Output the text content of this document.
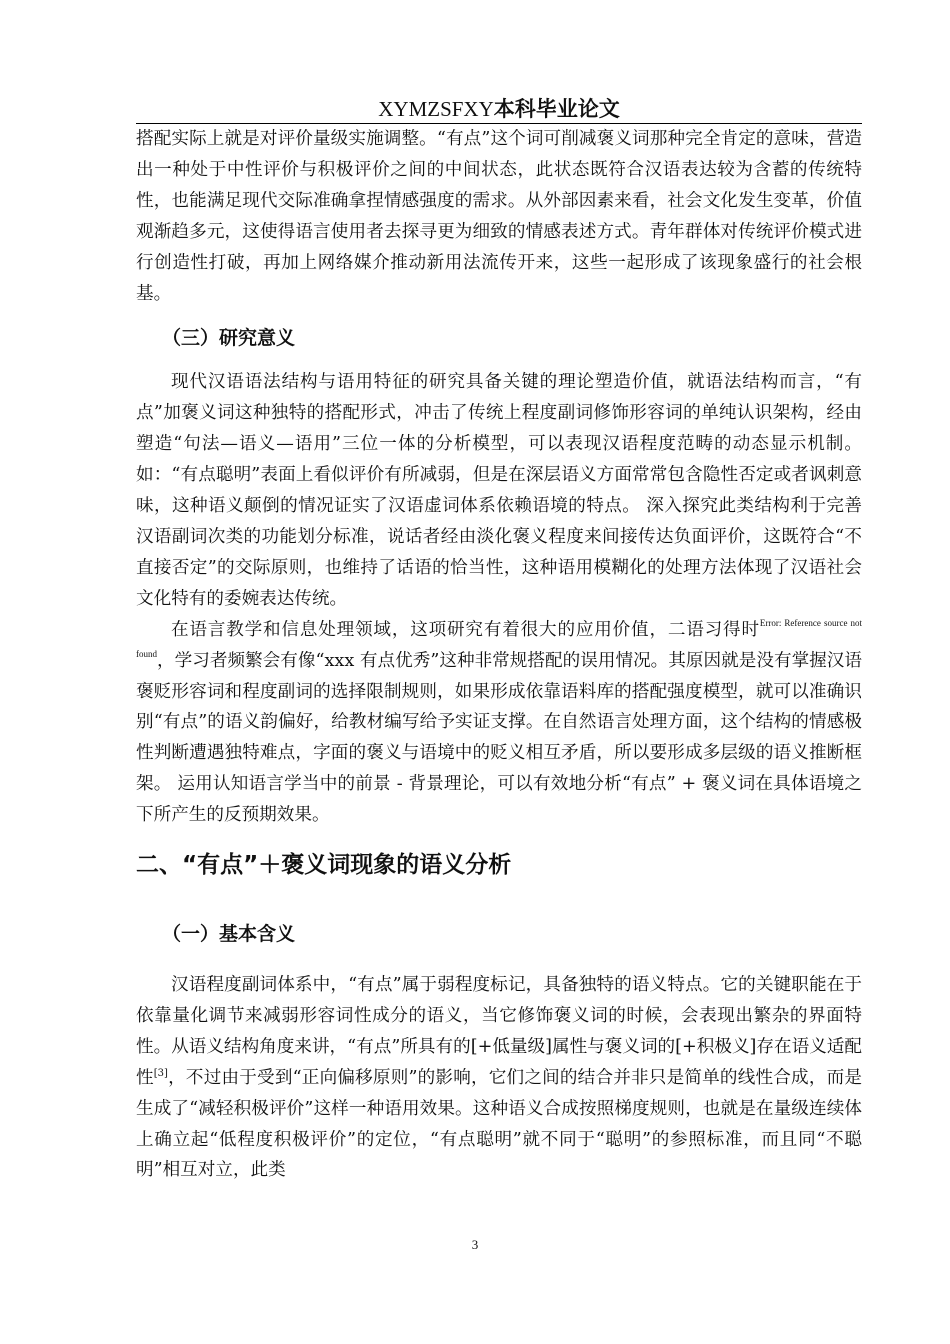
XYMZSFXY本科毕业论文

搭配实际上就是对评价量级实施调整。“有点”这个词可削减褒义词那种完全肯定的意味，营造出一种处于中性评价与积极评价之间的中间状态，此状态既符合汉语表达较为含蓄的传统特性，也能满足现代交际准确拿捏情感强度的需求。从外部因素来看，社会文化发生变革，价值观渐趋多元，这使得语言使用者去探寻更为细致的情感表述方式。青年群体对传统评价模式进行创造性打破，再加上网络媒介推动新用法流传开来，这些一起形成了该现象盛行的社会根基。

（三）研究意义

现代汉语语法结构与语用特征的研究具备关键的理论塑造价值，就语法结构而言，“有点”加褒义词这种独特的搭配形式，冲击了传统上程度副词修饰形容词的单纯认识架构，经由塑造“句法—语义—语用”三位一体的分析模型，可以表现汉语程度范畴的动态显示机制。如：“有点聪明”表面上看似评价有所减弱，但是在深层语义方面常常包含隐性否定或者讽刺意味，这种语义颠倒的情况证实了汉语虚词体系依赖语境的特点。 深入探究此类结构利于完善汉语副词次类的功能划分标准，说话者经由淡化褒义程度来间接传达负面评价，这既符合“不直接否定”的交际原则，也维持了话语的恰当性，这种语用模糊化的处理方法体现了汉语社会文化特有的委婉表达传统。

在语言教学和信息处理领域，这项研究有着很大的应用价值，二语习得时$^{Error: Reference source not found}$，学习者频繁会有像“xxx 有点优秀”这种非常规搭配的误用情况。其原因就是没有掌握汉语褒贬形容词和程度副词的选择限制规则，如果形成依靠语料库的搭配强度模型，就可以准确识别“有点”的语义韵偏好，给教材编写给予实证支撑。在自然语言处理方面，这个结构的情感极性判断遭遇独特难点，字面的褒义与语境中的贬义相互矛盾，所以要形成多层级的语义推断框架。 运用认知语言学当中的前景 - 背景理论，可以有效地分析“有点” + 褒义词在具体语境之下所产生的反预期效果。

二、“有点”＋褒义词现象的语义分析
（一）基本含义

汉语程度副词体系中，“有点”属于弱程度标记，具备独特的语义特点。它的关键职能在于依靠量化调节来减弱形容词性成分的语义，当它修饰褒义词的时候，会表现出繁杂的界面特性。从语义结构角度来讲，“有点”所具有的[+低量级]属性与褒义词的[+积极义]存在语义适配性[3]，不过由于受到“正向偏移原则”的影响，它们之间的结合并非只是简单的线性合成，而是生成了“减轻积极评价”这样一种语用效果。这种语义合成按照梯度规则，也就是在量级连续体上确立起“低程度积极评价”的定位，“有点聪明”就不同于“聪明”的参照标准，而且同“不聪明”相互对立，此类

3
